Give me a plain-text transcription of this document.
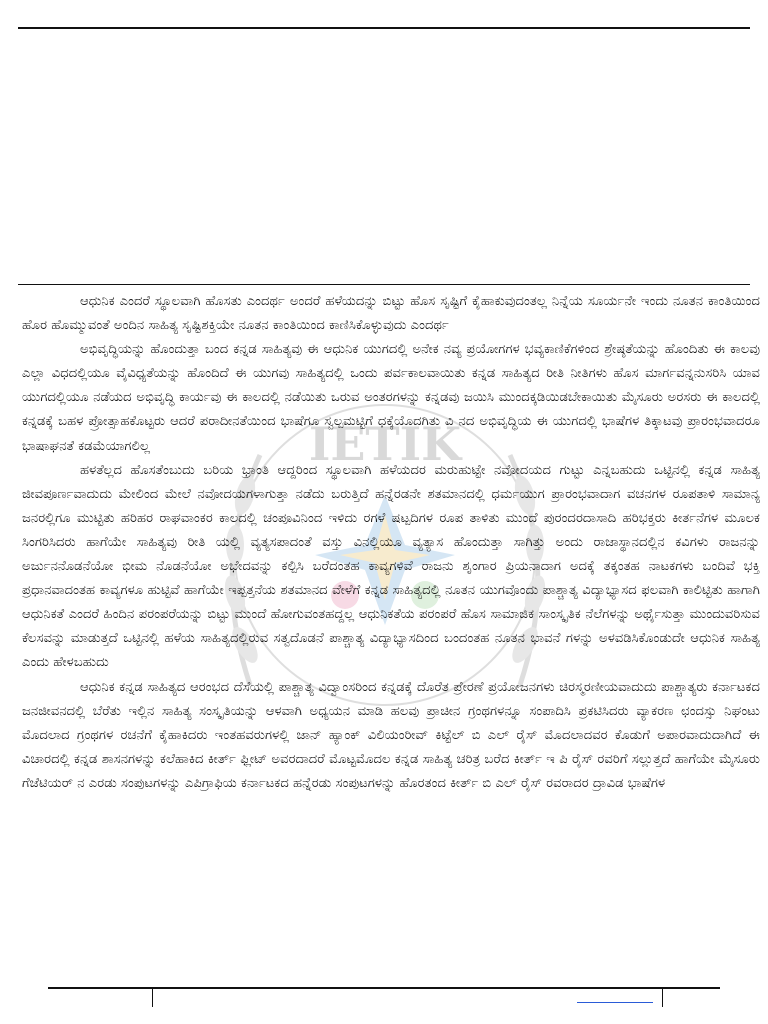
IETIK

ಆಧುನಿಕ ಎಂದರೆ ಸ್ಥೂಲವಾಗಿ ಹೊಸತು ಎಂದರ್ಥ ಅಂದರೆ ಹಳೆಯದನ್ನು ಬಿಟ್ಟು ಹೊಸ ಸೃಷ್ಟಿಗೆ ಕೈಹಾಕುವುದಂತಲ್ಲ ನಿನ್ನೆಯ ಸೂರ್ಯನೇ ಇಂದು ನೂತನ ಕಾಂತಿಯಿಂದ ಹೊರ ಹೊಮ್ಮುವಂತೆ ಅಂದಿನ ಸಾಹಿತ್ಯ ಸೃಷ್ಟಿಶಕ್ತಿಯೇ ನೂತನ ಕಾಂತಿಯಿಂದ ಕಾಣಿಸಿಕೊಳ್ಳುವುದು ಎಂದರ್ಥ

ಅಭಿವೃದ್ಧಿಯನ್ನು ಹೊಂದುತ್ತಾ ಬಂದ ಕನ್ನಡ ಸಾಹಿತ್ಯವು ಈ ಆಧುನಿಕ ಯುಗದಲ್ಲಿ ಅನೇಕ ನವ್ಯ ಪ್ರಯೋಗಗಳ ಭವ್ಯಕಾಣಿಕೆಗಳಿಂದ ಶ್ರೇಷ್ಠತೆಯನ್ನು ಹೊಂದಿತು ಈ ಕಾಲವು ಎಲ್ಲಾ ವಿಧದಲ್ಲಿಯೂ ವೈವಿಧ್ಯತೆಯನ್ನು ಹೊಂದಿದೆ ಈ ಯುಗವು ಸಾಹಿತ್ಯದಲ್ಲಿ ಒಂದು ಪರ್ವಕಾಲವಾಯಿತು ಕನ್ನಡ ಸಾಹಿತ್ಯದ ರೀತಿ ನೀತಿಗಳು ಹೊಸ ಮಾರ್ಗವನ್ನನುಸರಿಸಿ ಯಾವ ಯುಗದಲ್ಲಿಯೂ ನಡೆಯದ ಅಭಿವೃದ್ಧಿ ಕಾರ್ಯವು ಈ ಕಾಲದಲ್ಲಿ ನಡೆಯಿತು ಒರುವ ಅಂತರಗಳನ್ನು ಕನ್ನಡವು ಜಯಿಸಿ ಮುಂದಕ್ಕಡಿಯಿಡಬೇಕಾಯಿತು ಮೈಸೂರು ಅರಸರು ಈ ಕಾಲದಲ್ಲಿ ಕನ್ನಡಕ್ಕೆ ಬಹಳ ಪ್ರೋತ್ಸಾಹಕೊಟ್ಟರು ಆದರೆ ಪರಾದೀನತೆಯಿಂದ ಭಾಷೆಗೂ ಸ್ವಲ್ಪಮಟ್ಟಿಗೆ ಧಕ್ಕೆಯೊದಗಿತು ವಿ ನದ ಅಭಿವೃದ್ಧಿಯ ಈ ಯುಗದಲ್ಲಿ ಭಾಷೆಗಳ ತಿಕ್ಕಾಟವು ಪ್ರಾರಂಭವಾದರೂ ಭಾಷಾಘನತೆ ಕಡಮೆಯಾಗಲಿಲ್ಲ

ಹಳತೆಲ್ಲದ ಹೊಸತೆಂಬುದು ಬರಿಯ ಭ್ರಾಂತಿ ಆದ್ದರಿಂದ ಸ್ಥೂಲವಾಗಿ ಹಳೆಯದರ ಮರುಹುಟ್ಟೇ ನವೋದಯದ ಗುಟ್ಟು ಎನ್ನಬಹುದು ಒಟ್ಟಿನಲ್ಲಿ ಕನ್ನಡ ಸಾಹಿತ್ಯ ಜೀವಪೂರ್ಣವಾದುದು ಮೇಲಿಂದ ಮೇಲೆ ನವೋದಯಗಳಾಗುತ್ತಾ ನಡೆದು ಬರುತ್ತಿದೆ ಹನ್ನೆರಡನೇ ಶತಮಾನದಲ್ಲಿ ಧರ್ಮಯುಗ ಪ್ರಾರಂಭವಾದಾಗ ವಚನಗಳ ರೂಪತಾಳಿ ಸಾಮಾನ್ಯ ಜನರಲ್ಲಿಗೂ ಮುಟ್ಟಿತು ಹರಿಹರ ರಾಘವಾಂಕರ ಕಾಲದಲ್ಲಿ ಚಂಪೂವಿನಿಂದ ಇಳಿದು ರಗಳೆ ಷಟ್ಪದಿಗಳ ರೂಪ ತಾಳಿತು ಮುಂದೆ ಪುರಂದರದಾಸಾದಿ ಹರಿಭಕ್ತರು ಕೀರ್ತನೆಗಳ ಮೂಲಕ ಸಿಂಗರಿಸಿದರು ಹಾಗೆಯೇ ಸಾಹಿತ್ಯವು ರೀತಿ ಯಲ್ಲಿ ವ್ಯತ್ಯಸಪಾದಂತೆ ವಸ್ತು ವಿನಲ್ಲಿಯೂ ವ್ಯತ್ಯಾಸ ಹೊಂದುತ್ತಾ ಸಾಗಿತ್ತು ಅಂದು ರಾಜಾಸ್ಥಾನದಲ್ಲಿನ ಕವಿಗಳು ರಾಜನನ್ನು ಅರ್ಜುನನೊಡನೆಯೋ ಭೀಮ ನೊಡನೆಯೋ ಅಭೇದವನ್ನು ಕಲ್ಪಿಸಿ ಬರೆದಂತಹ ಕಾವ್ಯಗಳಿವೆ ರಾಜನು ಶೃಂಗಾರ ಪ್ರಿಯನಾದಾಗ ಅದಕ್ಕೆ ತಕ್ಕಂತಹ ನಾಟಕಗಳು ಬಂದಿವೆ ಭಕ್ತಿ ಪ್ರಧಾನವಾದಂತಹ ಕಾವ್ಯಗಳೂ ಹುಟ್ಟಿವೆ ಹಾಗೆಯೇ ಇಪ್ಪತ್ತನೆಯ ಶತಮಾನದ ವೇಳೆಗೆ ಕನ್ನಡ ಸಾಹಿತ್ಯದಲ್ಲಿ ನೂತನ ಯುಗವೊಂದು ಪಾಶ್ಚಾತ್ಯ ವಿದ್ಯಾಭ್ಯಾಸದ ಫಲವಾಗಿ ಕಾಲಿಟ್ಟಿತು ಹಾಗಾಗಿ ಆಧುನಿಕತೆ ಎಂದರೆ ಹಿಂದಿನ ಪರಂಪರೆಯನ್ನು ಬಿಟ್ಟು ಮುಂದೆ ಹೋಗುವಂತಹದ್ದಲ್ಲ ಆಧುನಿಕತೆಯ ಪರಂಪರೆ ಹೊಸ ಸಾಮಾಜಿಕ ಸಾಂಸ್ಕೃತಿಕ ನೆಲೆಗಳನ್ನು ಅರ್ಥೈಸುತ್ತಾ ಮುಂದುವರಿಸುವ ಕೆಲಸವನ್ನು ಮಾಡುತ್ತದೆ ಒಟ್ಟಿನಲ್ಲಿ ಹಳೆಯ ಸಾಹಿತ್ಯದಲ್ಲಿರುವ ಸತ್ವದೊಡನೆ ಪಾಶ್ಚಾತ್ಯ ವಿದ್ಯಾಭ್ಯಾಸದಿಂದ ಬಂದಂತಹ ನೂತನ ಭಾವನೆ ಗಳನ್ನು ಅಳವಡಿಸಿಕೊಂಡುದೇ ಆಧುನಿಕ ಸಾಹಿತ್ಯ ಎಂದು ಹೇಳಬಹುದು

ಆಧುನಿಕ ಕನ್ನಡ ಸಾಹಿತ್ಯದ ಆರಂಭದ ದೆಸೆಯಲ್ಲಿ ಪಾಶ್ಚಾತ್ಯ ವಿದ್ವಾಂಸರಿಂದ ಕನ್ನಡಕ್ಕೆ ದೊರೆತ ಪ್ರೇರಣೆ ಪ್ರಯೋಜನಗಳು ಚಿರಸ್ಮರಣೀಯವಾದುದು ಪಾಶ್ಚಾತ್ಯರು ಕರ್ನಾಟಕದ ಜನಜೀವನದಲ್ಲಿ ಬೆರೆತು ಇಲ್ಲಿನ ಸಾಹಿತ್ಯ ಸಂಸ್ಕೃತಿಯನ್ನು ಆಳವಾಗಿ ಅಧ್ಯಯನ ಮಾಡಿ ಹಲವು ಪ್ರಾಚೀನ ಗ್ರಂಥಗಳನ್ನೂ ಸಂಪಾದಿಸಿ ಪ್ರಕಟಿಸಿದರು ವ್ಯಾಕರಣ ಛಂದಸ್ಸು ನಿಘಂಟು ಮೊದಲಾದ ಗ್ರಂಥಗಳ ರಚನೆಗೆ ಕೈಹಾಕಿದರು ಇಂತಹವರುಗಳಲ್ಲಿ ಜಾನ್ ಹ್ಯಾಂಕ್ ವಿಲಿಯಂರೀವ್ ಕಿಟ್ಟೆಲ್ ಬಿ ಎಲ್ ರೈಸ್ ಮೊದಲಾದವರ ಕೊಡುಗೆ ಅಪಾರವಾದುದಾಗಿದೆ ಈ ವಿಚಾರದಲ್ಲಿ ಕನ್ನಡ ಶಾಸನಗಳನ್ನು ಕಲೆಹಾಕಿದ ಕೀರ್ತ್ ಫ್ಲೀಟ್ ಅವರದಾದರೆ ಮೊಟ್ಟಮೊದಲ ಕನ್ನಡ ಸಾಹಿತ್ಯ ಚರಿತ್ರ ಬರೆದ ಕೀರ್ತ್ ಇ ಪಿ ರೈಸ್ ರವರಿಗೆ ಸಲ್ಲುತ್ತದೆ ಹಾಗೆಯೇ ಮೈಸೂರು ಗೆಜೆಟಿಯರ್ ನ ಎರಡು ಸಂಪುಟಗಳನ್ನು ಎಪಿಗ್ರಾಫಿಯ ಕರ್ನಾಟಕದ ಹನ್ನೆರಡು ಸಂಪುಟಗಳನ್ನು ಹೊರತಂದ ಕೀರ್ತ್ ಬಿ ಎಲ್ ರೈಸ್ ರವರಾದರ ದ್ರಾವಿಡ ಭಾಷೆಗಳ
